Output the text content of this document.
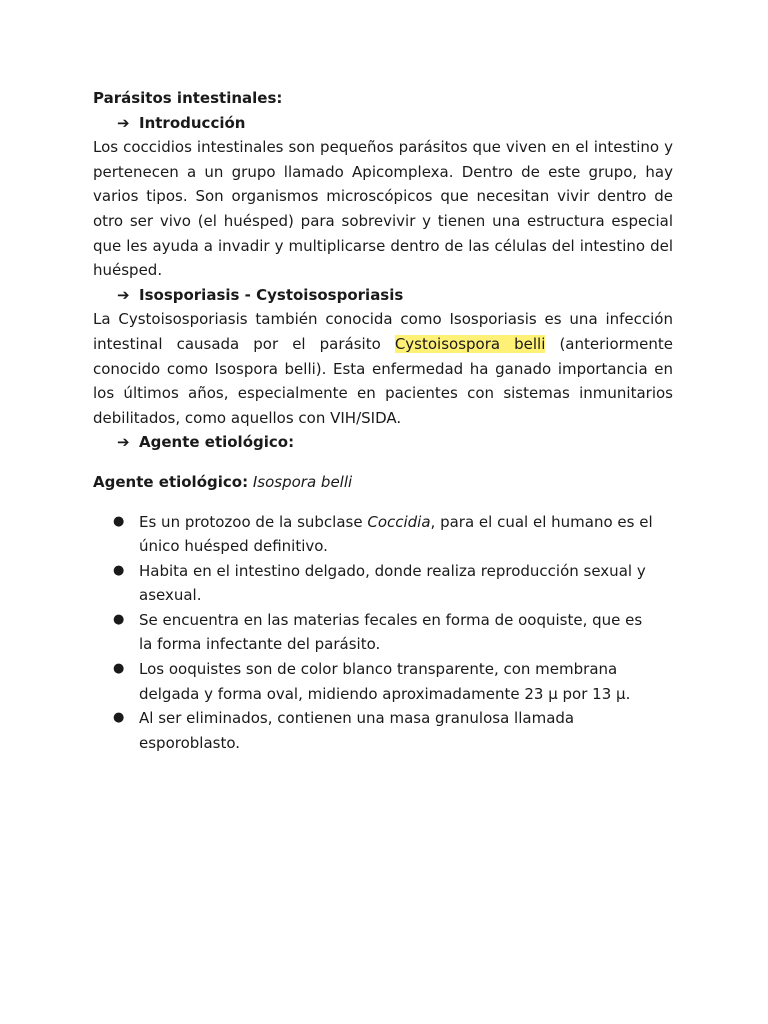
Parásitos intestinales:

➔ Introducción

Los coccidios intestinales son pequeños parásitos que viven en el intestino y pertenecen a un grupo llamado Apicomplexa. Dentro de este grupo, hay varios tipos. Son organismos microscópicos que necesitan vivir dentro de otro ser vivo (el huésped) para sobrevivir y tienen una estructura especial que les ayuda a invadir y multiplicarse dentro de las células del intestino del huésped.

➔ Isosporiasis - Cystoisosporiasis

La Cystoisosporiasis también conocida como Isosporiasis es una infección intestinal causada por el parásito Cystoisospora belli (anteriormente conocido como Isospora belli). Esta enfermedad ha ganado importancia en los últimos años, especialmente en pacientes con sistemas inmunitarios debilitados, como aquellos con VIH/SIDA.

➔ Agente etiológico:

Agente etiológico: Isospora belli

● Es un protozoo de la subclase Coccidia, para el cual el humano es el único huésped definitivo.
● Habita en el intestino delgado, donde realiza reproducción sexual y asexual.
● Se encuentra en las materias fecales en forma de ooquiste, que es la forma infectante del parásito.
● Los ooquistes son de color blanco transparente, con membrana delgada y forma oval, midiendo aproximadamente 23 µ por 13 µ.
● Al ser eliminados, contienen una masa granulosa llamada esporoblasto.
